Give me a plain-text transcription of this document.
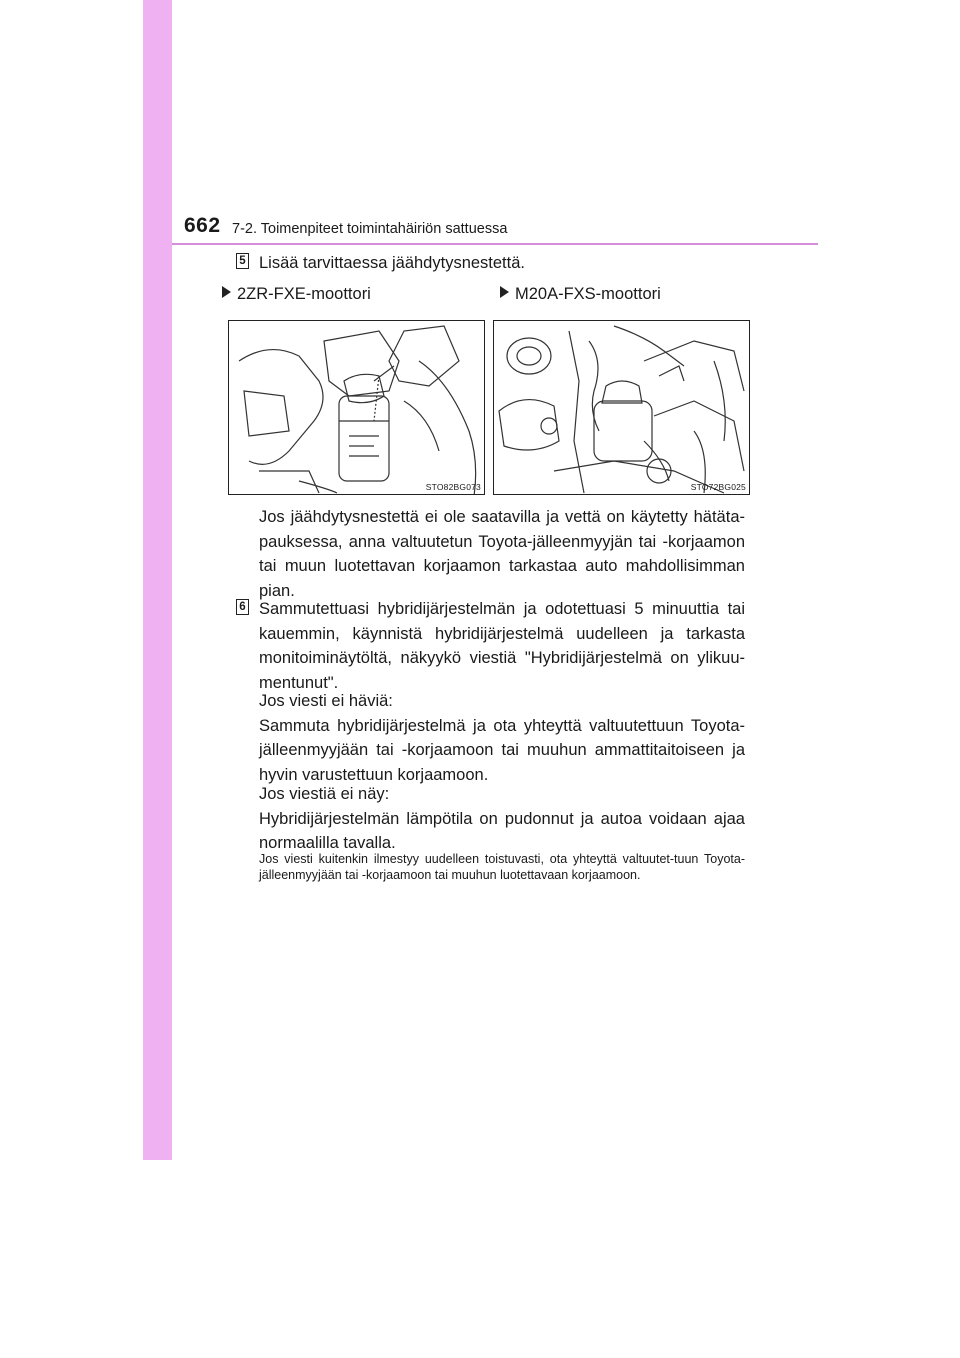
662 7-2. Toimenpiteet toimintahäiriön sattuessa
5 Lisää tarvittaessa jäähdytysnestettä.
2ZR-FXE-moottori	M20A-FXS-moottori
STO82BG073	STO72BG025
Jos jäähdytysnestettä ei ole saatavilla ja vettä on käytetty hätäta-pauksessa, anna valtuutetun Toyota-jälleenmyyjän tai -korjaamon tai muun luotettavan korjaamon tarkastaa auto mahdollisimman pian.
6 Sammutettuasi hybridijärjestelmän ja odotettuasi 5 minuuttia tai kauemmin, käynnistä hybridijärjestelmä uudelleen ja tarkasta monitoiminäytöltä, näkyykö viestiä "Hybridijärjestelmä on ylikuu-mentunut".
Jos viesti ei häviä:
Sammuta hybridijärjestelmä ja ota yhteyttä valtuutettuun Toyota-jälleenmyyjään tai -korjaamoon tai muuhun ammattitaitoiseen ja hyvin varustettuun korjaamoon.
Jos viestiä ei näy:
Hybridijärjestelmän lämpötila on pudonnut ja autoa voidaan ajaa normaalilla tavalla.
Jos viesti kuitenkin ilmestyy uudelleen toistuvasti, ota yhteyttä valtuutet-tuun Toyota-jälleenmyyjään tai -korjaamoon tai muuhun luotettavaan korjaamoon.
